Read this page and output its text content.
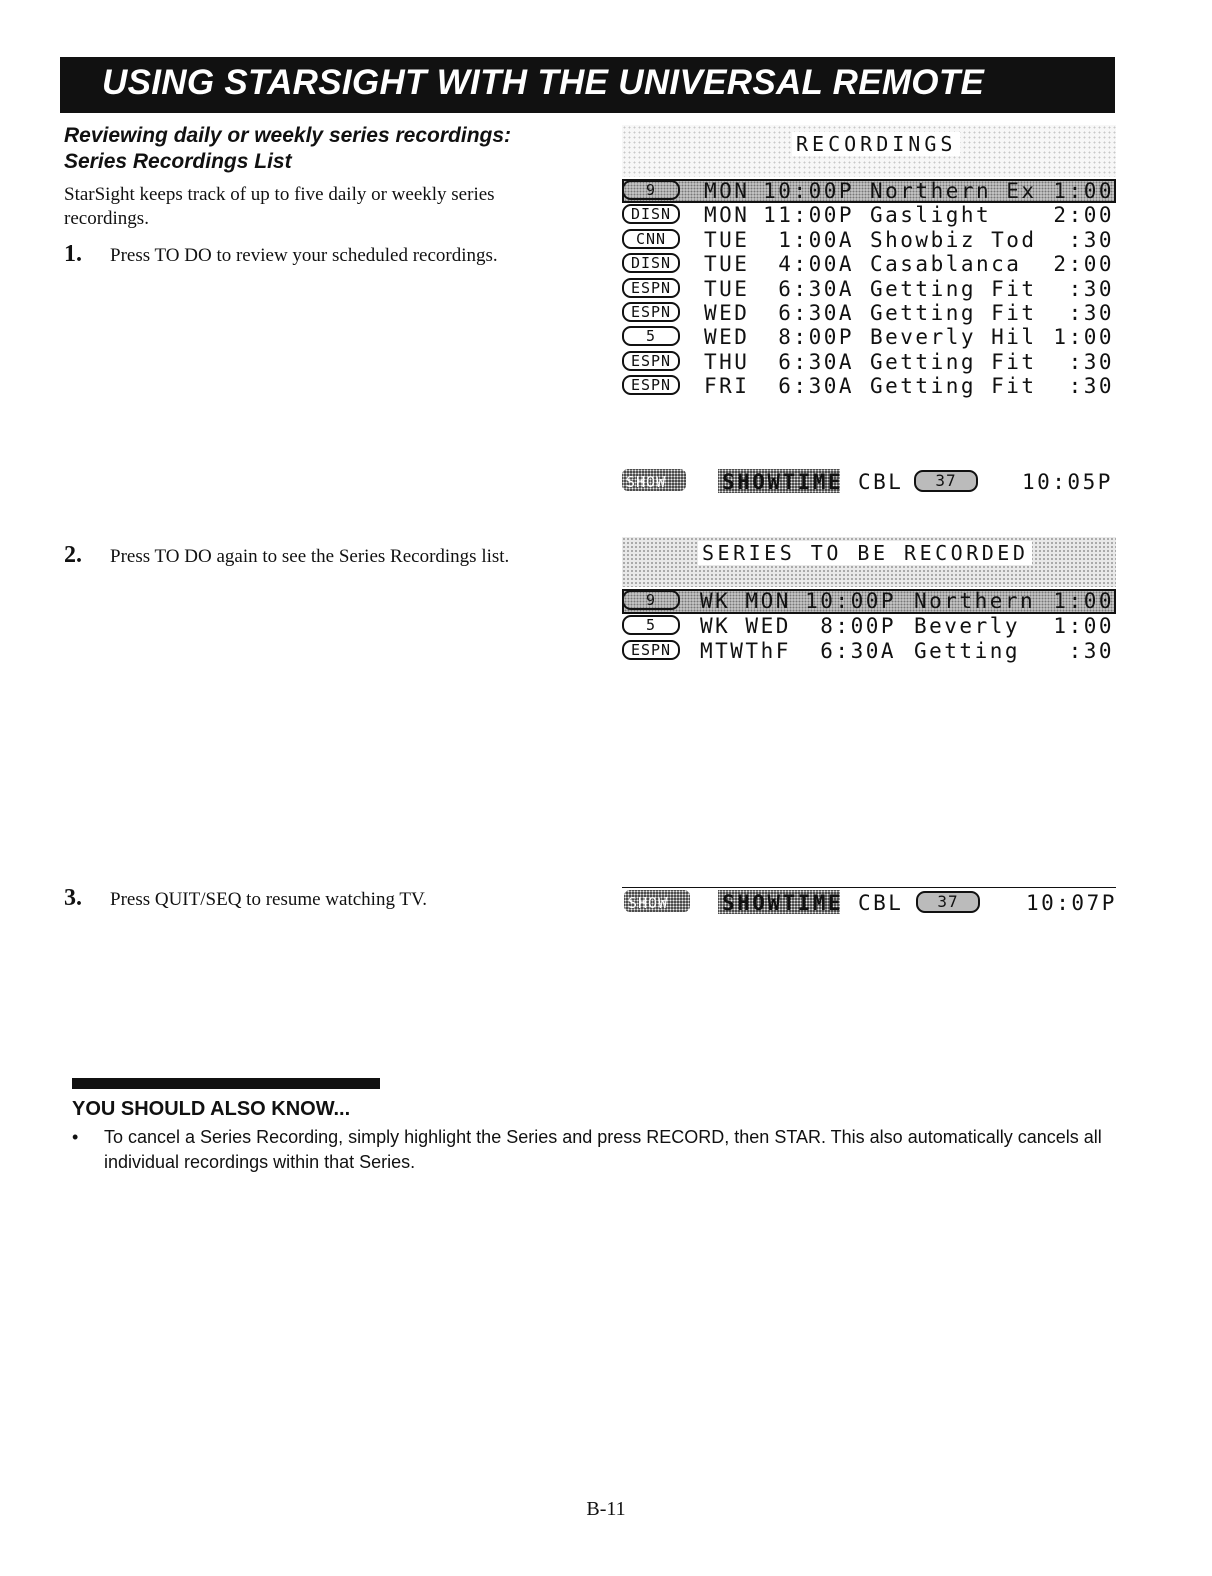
USING STARSIGHT WITH THE UNIVERSAL REMOTE
Reviewing daily or weekly series recordings: Series Recordings List
StarSight keeps track of up to five daily or weekly series recordings.
1. Press TO DO to review your scheduled recordings.
2. Press TO DO again to see the Series Recordings list.
3. Press QUIT/SEQ to resume watching TV.
RECORDINGS
9	MON 10:00P Northern Ex 1:00
DISN	MON 11:00P Gaslight	2:00
CNN	TUE 1:00A Showbiz Tod :30
DISN	TUE 4:00A Casablanca 2:00
ESPN	TUE 6:30A Getting Fit :30
ESPN	WED 6:30A Getting Fit :30
5	WED 8:00P Beverly Hil 1:00
ESPN	THU 6:30A Getting Fit :30
ESPN	FRI 6:30A Getting Fit :30
SHOW	SHOWTIME CBL	37	10:05P
SERIES TO BE RECORDED
9	WK MON 10:00P Northern 1:00
5	WK WED 8:00P Beverly 1:00
ESPN	MTWThF 6:30A Getting :30
SHOW	SHOWTIME CBL	37	10:07P
YOU SHOULD ALSO KNOW...
• To cancel a Series Recording, simply highlight the Series and press RECORD, then STAR. This also automatically cancels all individual recordings within that Series.
B-11
